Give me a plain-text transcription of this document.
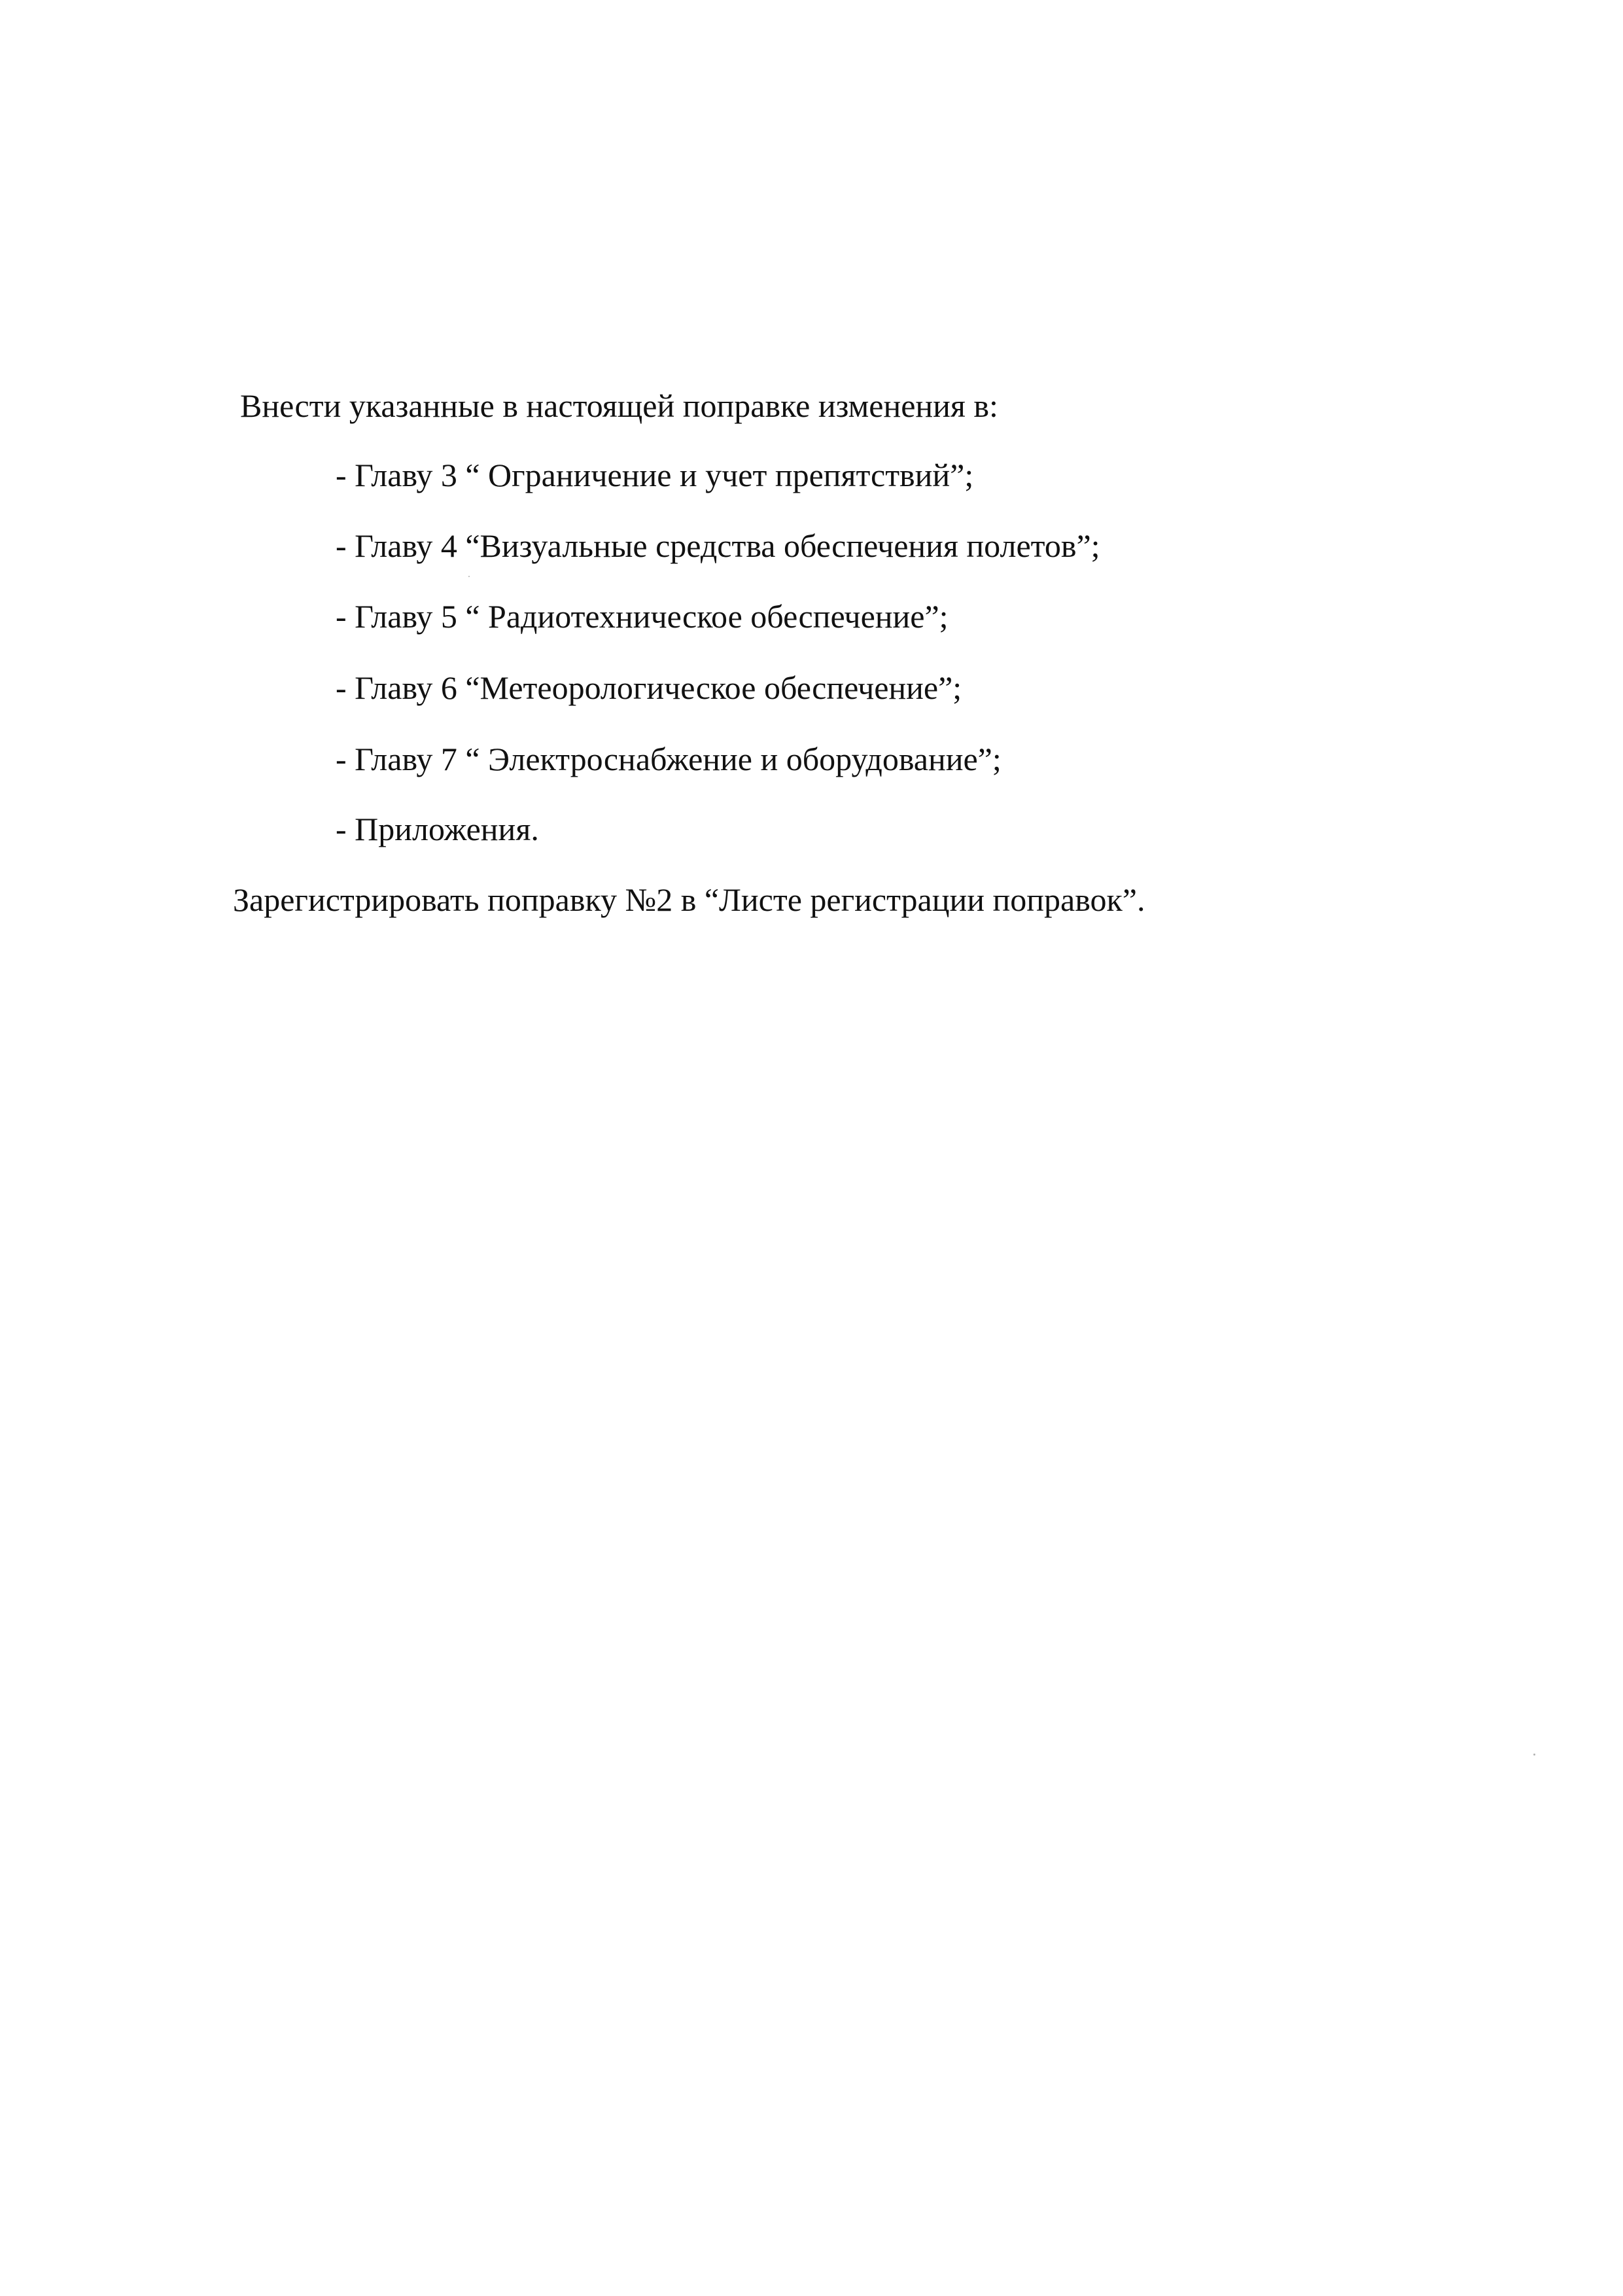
Внести указанные в настоящей поправке изменения в:
- Главу 3 “ Ограничение и учет препятствий”;
- Главу 4 “Визуальные средства обеспечения полетов”;
- Главу 5 “ Радиотехническое обеспечение”;
- Главу 6 “Метеорологическое обеспечение”;
- Главу 7 “ Электроснабжение и оборудование”;
- Приложения.
Зарегистрировать поправку №2 в “Листе регистрации поправок”.
